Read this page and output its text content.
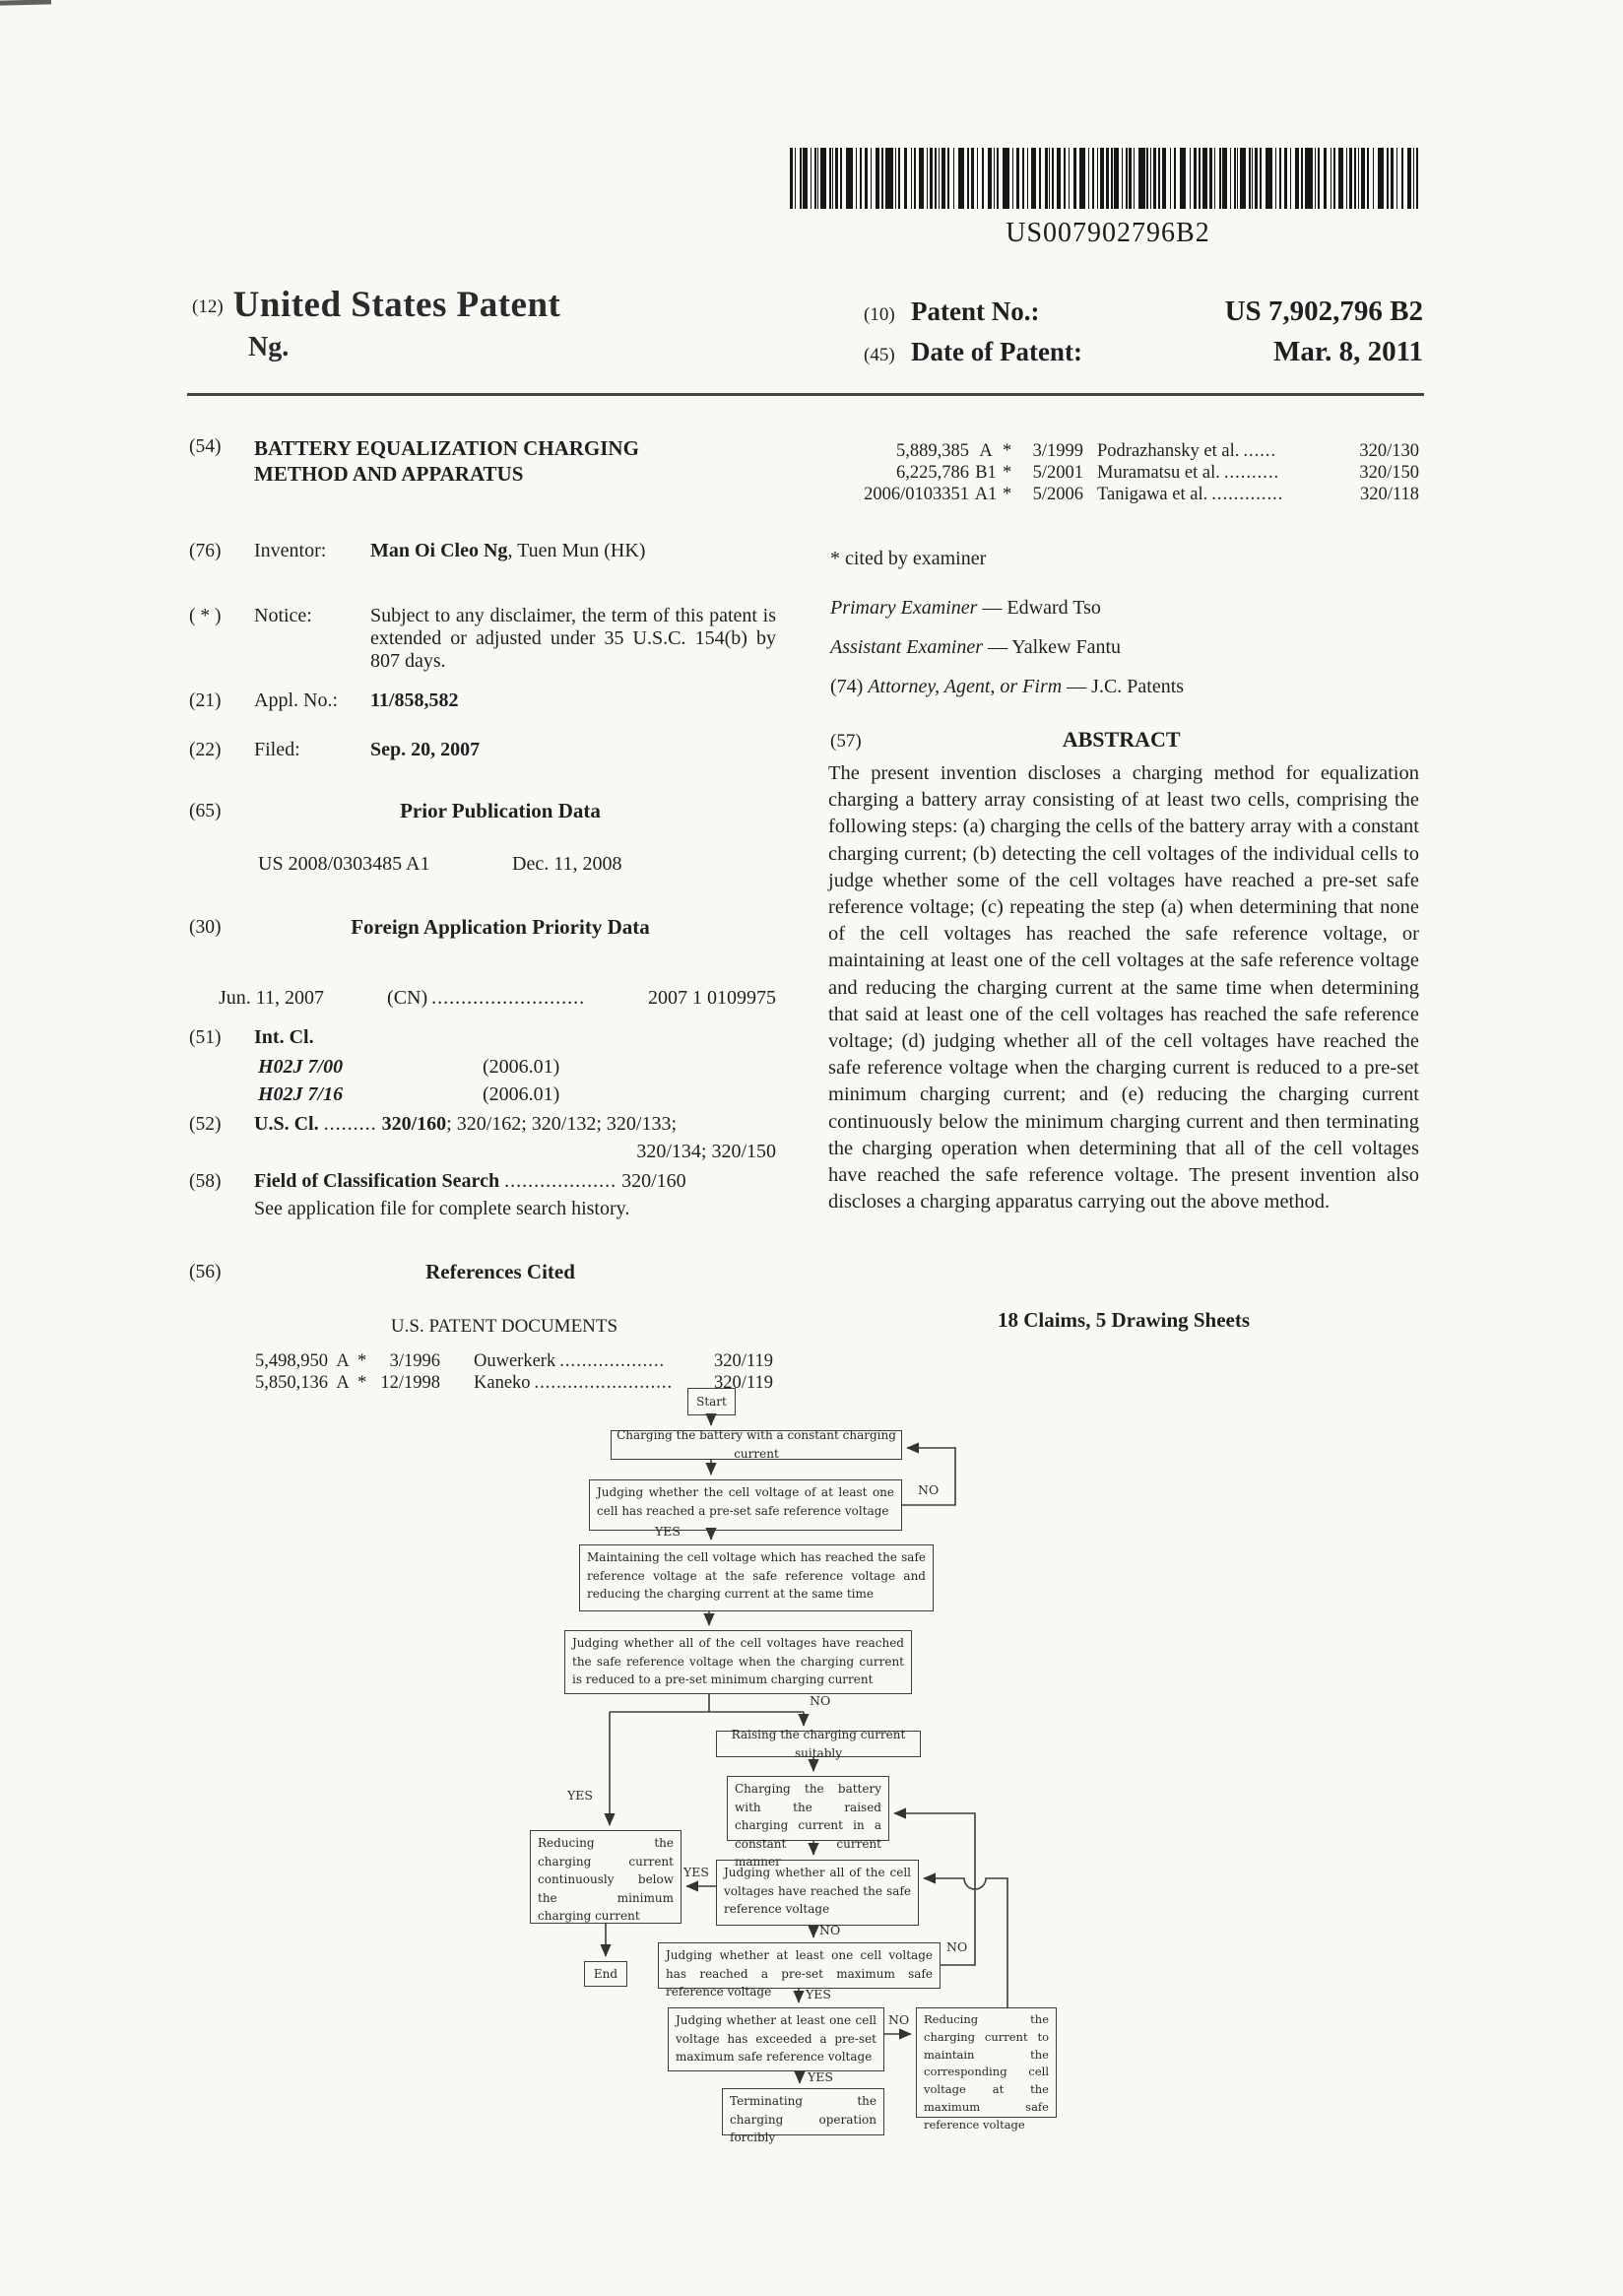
US007902796B2
(12) United States Patent
Ng.
(10) Patent No.:	US 7,902,796 B2
(45) Date of Patent:	Mar. 8, 2011
(54)	BATTERY EQUALIZATION CHARGING
METHOD AND APPARATUS
(76)	Inventor:	Man Oi Cleo Ng, Tuen Mun (HK)
( * )	Notice:	Subject to any disclaimer, the term of this patent is extended or adjusted under 35 U.S.C. 154(b) by 807 days.
(21)	Appl. No.:	11/858,582
(22)	Filed:	Sep. 20, 2007
(65)	Prior Publication Data
US 2008/0303485 A1	Dec. 11, 2008
(30)	Foreign Application Priority Data
Jun. 11, 2007	(CN) ..........................	2007 1 0109975
(51)	Int. Cl.
H02J 7/00	(2006.01)
H02J 7/16	(2006.01)
(52)	U.S. Cl. ......... 320/160; 320/162; 320/132; 320/133;
320/134; 320/150
(58)	Field of Classification Search ................... 320/160
See application file for complete search history.
(56)	References Cited
U.S. PATENT DOCUMENTS
5,498,950 A *	3/1996 Ouwerkerk ...................	320/119
5,850,136 A * 12/1998 Kaneko .........................	320/119
5,889,385 A *	3/1999 Podrazhansky et al. ......	320/130
6,225,786 B1 *	5/2001 Muramatsu et al. ..........	320/150
2006/0103351 A1 *	5/2006 Tanigawa et al. .............	320/118
* cited by examiner
Primary Examiner — Edward Tso
Assistant Examiner — Yalkew Fantu
(74) Attorney, Agent, or Firm — J.C. Patents
(57)	ABSTRACT
The present invention discloses a charging method for equalization charging a battery array consisting of at least two cells, comprising the following steps: (a) charging the cells of the battery array with a constant charging current; (b) detecting the cell voltages of the individual cells to judge whether some of the cell voltages have reached a pre-set safe reference voltage; (c) repeating the step (a) when determining that none of the cell voltages has reached the safe reference voltage, or maintaining at least one of the cell voltages at the safe reference voltage and reducing the charging current at the same time when determining that said at least one of the cell voltages has reached the safe reference voltage; (d) judging whether all of the cell voltages have reached the safe reference voltage when the charging current is reduced to a pre-set minimum charging current; and (e) reducing the charging current continuously below the minimum charging current and then terminating the charging operation when determining that all of the cell voltages have reached the safe reference voltage. The present invention also discloses a charging apparatus carrying out the above method.
18 Claims, 5 Drawing Sheets
Start
Charging the battery with a constant charging current
Judging whether the cell voltage of at least one cell has reached a pre-set safe reference voltage
Maintaining the cell voltage which has reached the safe reference voltage at the safe reference voltage and reducing the charging current at the same time
Judging whether all of the cell voltages have reached the safe reference voltage when the charging current is reduced to a pre-set minimum charging current
Raising the charging current suitably
Charging the battery with the raised charging current in a constant current manner
Reducing the charging current continuously below the minimum charging current
Judging whether all of the cell voltages have reached the safe reference voltage
Judging whether at least one cell voltage has reached a pre-set maximum safe reference voltage
End
Judging whether at least one cell voltage has exceeded a pre-set maximum safe reference voltage
Reducing the charging current to maintain the corresponding cell voltage at the maximum safe reference voltage
Terminating the charging operation forcibly
NO
YES
NO
YES
YES
NO
YES
NO
YES
NO
